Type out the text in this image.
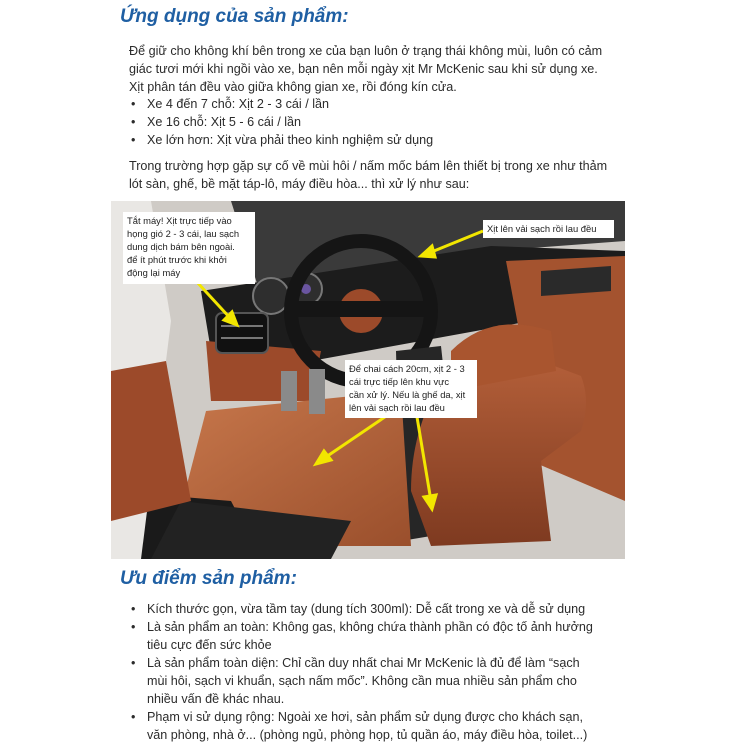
Ứng dụng của sản phẩm:
Để giữ cho không khí bên trong xe của bạn luôn ở trạng thái không mùi, luôn có cảm
giác tươi mới khi ngồi vào xe, bạn nên mỗi ngày xịt Mr McKenic sau khi sử dụng xe.
Xịt phân tán đều vào giữa không gian xe, rồi đóng kín cửa.
• Xe 4 đến 7 chỗ: Xịt 2 - 3 cái / lần
• Xe 16 chỗ: Xịt 5 - 6 cái / lần
• Xe lớn hơn: Xịt vừa phải theo kinh nghiệm sử dụng
Trong trường hợp gặp sự cố về mùi hôi / nấm mốc bám lên thiết bị trong xe như thảm
lót sàn, ghế, bề mặt táp-lô, máy điều hòa... thì xử lý như sau:
Tắt máy! Xịt trực tiếp vào
họng gió 2 - 3 cái, lau sạch
dung dịch bám bên ngoài.
để ít phút trước khi khởi
động lại máy
Xịt lên vải sạch rồi lau đều
Để chai cách 20cm, xịt 2 - 3
cái trực tiếp lên khu vực
cần xử lý. Nếu là ghế da, xịt
lên vải sạch rồi lau đều
Ưu điểm sản phẩm:
• Kích thước gọn, vừa tầm tay (dung tích 300ml): Dễ cất trong xe và dễ sử dụng
• Là sản phẩm an toàn: Không gas, không chứa thành phần có độc tố ảnh hưởng
tiêu cực đến sức khỏe
• Là sản phẩm toàn diện: Chỉ cần duy nhất chai Mr McKenic là đủ để làm “sạch
mùi hôi, sạch vi khuẩn, sạch nấm mốc”. Không cần mua nhiều sản phẩm cho
nhiều vấn đề khác nhau.
• Phạm vi sử dụng rộng: Ngoài xe hơi, sản phẩm sử dụng được cho khách sạn,
văn phòng, nhà ở... (phòng ngủ, phòng họp, tủ quần áo, máy điều hòa, toilet...)
